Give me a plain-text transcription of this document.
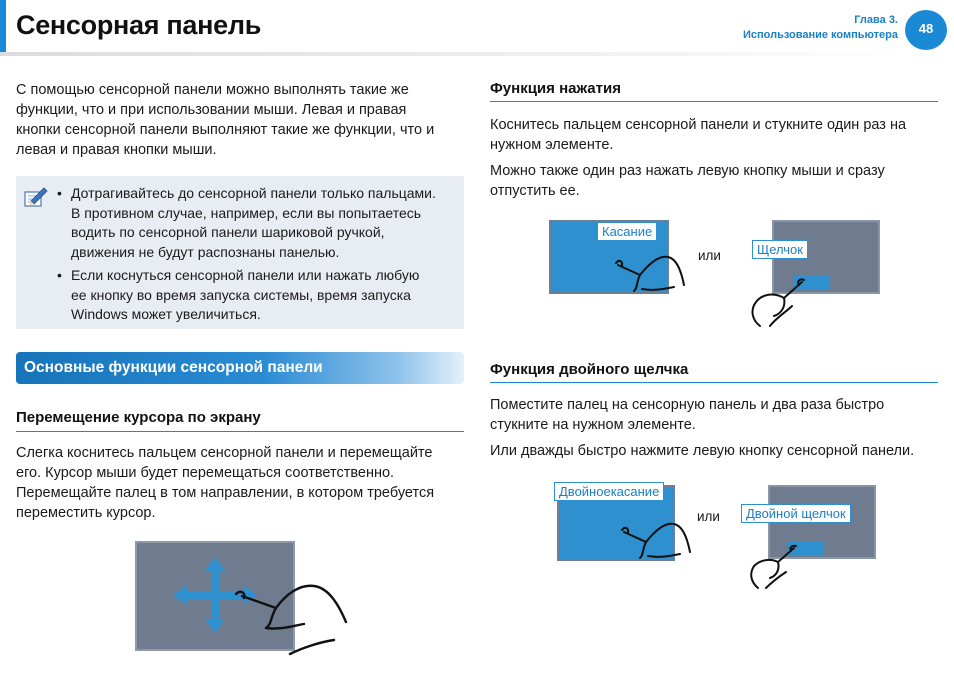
Сенсорная панель	Глава 3.
Использование компьютера	48
С помощью сенсорной панели можно выполнять такие же
функции, что и при использовании мыши. Левая и правая
кнопки сенсорной панели выполняют такие же функции, что и
левая и правая кнопки мыши.
• Дотрагивайтесь до сенсорной панели только пальцами.
В противном случае, например, если вы попытаетесь
водить по сенсорной панели шариковой ручкой,
движения не будут распознаны панелью.
• Если коснуться сенсорной панели или нажать любую
ее кнопку во время запуска системы, время запуска
Windows может увеличиться.
Основные функции сенсорной панели
Перемещение курсора по экрану
Слегка коснитесь пальцем сенсорной панели и перемещайте
его. Курсор мыши будет перемещаться соответственно.
Перемещайте палец в том направлении, в котором требуется
переместить курсор.
Функция нажатия
Коснитесь пальцем сенсорной панели и стукните один раз на
нужном элементе.
Можно также один раз нажать левую кнопку мыши и сразу
отпустить ее.
Касание
или	Щелчок
Функция двойного щелчка
Поместите палец на сенсорную панель и два раза быстро
стукните на нужном элементе.
Или дважды быстро нажмите левую кнопку сенсорной панели.
Двойноекасание
или	Двойной щелчок
